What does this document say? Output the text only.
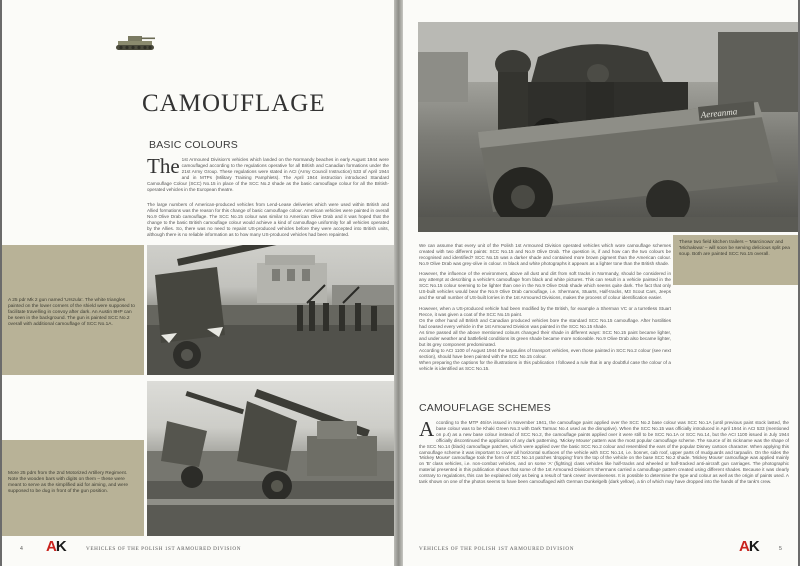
CAMOUFLAGE
BASIC COLOURS
The 1st Armoured Division's vehicles which landed on the Normandy beaches in early August 1944 were camouflaged according to the regulations operative for all British and Canadian formations under the 21st Army Group. These regulations were stated in ACI (Army Council Instruction) 533 of April 1944 and in MTPs (Military Training Pamphlets). The April 1944 instruction introduced Standard Camouflage Colour (SCC) No.15 in place of the SCC No.2 shade as the basic camouflage colour for all the British-operated vehicles in the European theatre.
The large numbers of American-produced vehicles from Lend-Lease deliveries which were used within British and Allied formations was the reason for this change of basic camouflage colour. American vehicles were painted in overall No.9 Olive Drab camouflage. The SCC No.15 colour was similar to American Olive Drab and it was hoped that the change to the basic British camouflage colour would achieve a kind of camouflage uniformity for all vehicles operated by the Allies. So, there was no need to repaint US-produced vehicles before they were accepted into British units, although there is no reliable information as to how many US-produced vehicles had been repainted.

A 25 pdr Mk 2 gun named 'Urszula'. The white triangles painted on the lower corners of the shield were supposed to facilitate travelling in convoy after dark. An Austin 8HP can be seen in the background. The gun is painted SCC No.2 overall with additional camouflage of SCC No.1A.

More 25 pdrs from the 2nd Motorized Artillery Regiment. Note the wooden bars with digits on them – these were meant to serve as the simplified aid for aiming, and were supposed to be dug in front of the gun position.

4 AK	VEHICLES OF THE POLISH 1ST ARMOURED DIVISION
Aereanma
We can assume that every unit of the Polish 1st Armoured Division operated vehicles which wore camouflage schemes created with two different paints: SCC No.15 and No.9 Olive Drab. The question is, if and how can the two colours be recognised and identified? SCC No.15 was a darker shade and contained more brown pigment than the American colour. No.9 Olive Drab was grey-olive in colour. In black and white photographs it appears as a lighter tone than the British shade.
However, the influence of the environment, above all dust and dirt from soft tracks in Normandy, should be considered in any attempt at describing a vehicle's camouflage from black and white pictures. This can result in a vehicle painted in the SCC No.15 colour seeming to be lighter than one in the No.9 Olive Drab shade which seems quite dark. The fact that only US-built vehicles would bear the No.9 Olive Drab camouflage, i.e. Shermans, Stuarts, Half-tracks, M3 Scout Cars, Jeeps and the small number of US-built lorries in the 1st Armoured Divisions, makes the process of colour identification easier.
However, when a US-produced vehicle had been modified by the British, for example a Sherman VC or a turretless Stuart Recce, it was given a coat of the SCC No.15 paint.
On the other hand all British and Canadian produced vehicles bore the standard SCC No.15 camouflage. After hostilities had ceased every vehicle in the 1st Armoured Division was painted in the SCC No.15 shade.
As time passed all the above mentioned colours changed their shade in different ways: SCC No.15 paint became lighter, and under weather and battlefield conditions its green shade became more noticeable. No.9 Olive Drab also became lighter, but its grey component predominated.
According to ACI 1100 of August 1944 the tarpaulins of transport vehicles, even those painted in SCC No.2 colour (see next section), should have been painted with the SCC No.15 colour.
When preparing the captions for the illustrations in this publication I followed a rule that in any doubtful case the colour of a vehicle is identified as SCC No.15.

These two field kitchen trailers – 'Marcinowa' and 'Michałowa' – will soon be serving delicious split pea soup. Both are painted SCC No.15 overall.

CAMOUFLAGE SCHEMES
According to the MTP 46/4A issued in November 1941, the camouflage paint applied over the SCC No.2 base colour was SCC No.1A (until previous paint stock lasted, the base colour was to be Khaki Green No.3 with Dark Tarmac No.4 used as the disruptive). When the SCC No.15 was officially introduced in April 1944 in ACI 533 (mentioned on p.4) as a new base colour instead of SCC No.2, the camouflage paints applied over it were still to be SCC No.1A or SCC No.14, but the ACI 1100 issued in July 1944 officially discontinued the application of any dark patterning. 'Mickey Mouse' pattern was the most popular camouflage scheme. The source of its nickname was the shape of the SCC No.14 (black) camouflage patches, which were applied over the basic SCC No.2 colour and resembled the ears of the popular Disney cartoon character. When applying this camouflage scheme it was important to cover all horizontal surfaces of the vehicle with SCC No.14, i.e. bonnet, cab roof, upper parts of mudguards and tarpaulin. On the sides the 'Mickey Mouse' camouflage took the form of SCC No.14 patches 'dropping' from the top of the vehicle on the base SCC No.2 shade. 'Mickey Mouse' camouflage was applied mainly on 'B' class vehicles, i.e. non-combat vehicles, and on some 'A' (fighting) class vehicles like half-tracks and wheeled or half-tracked anti-aircraft gun carriages. The photographic material presented in this publication shows that some of the 1st Armoured Division's Shermans carried a camouflage pattern created using different shades. Because it was clearly contrary to regulations, this can be explained only as being a result of 'tank crews' inventiveness. It is possible to determine the type and colour as well as the origin of paints used. A tank shown on one of the photos seems to have been camouflaged with German Dunkelgelb (dark yellow), a tin of which may have dropped into the hands of the tank's crew.
VEHICLES OF THE POLISH 1ST ARMOURED DIVISION	AK	5
